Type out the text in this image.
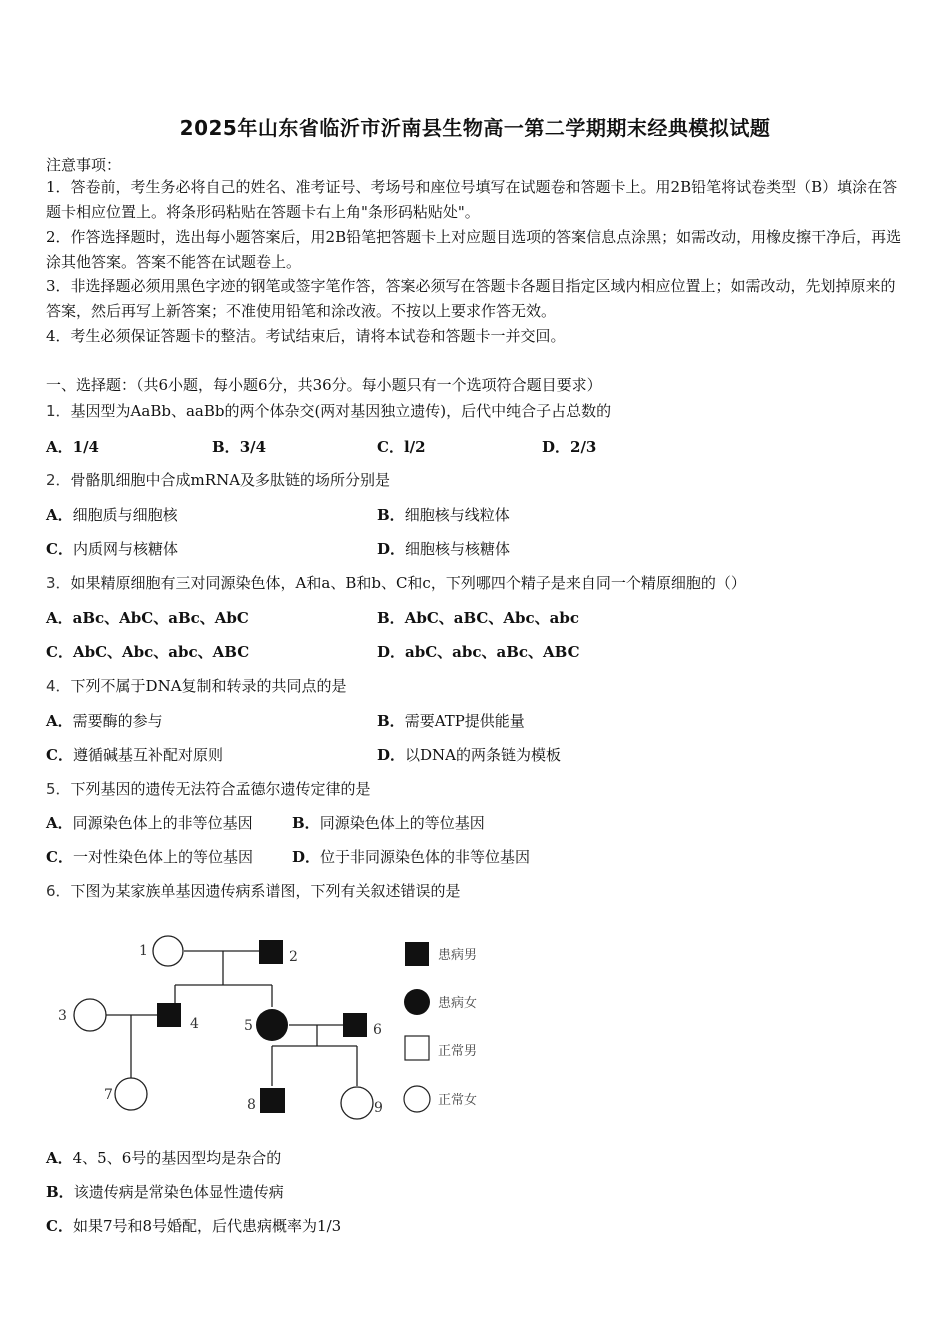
2025年山东省临沂市沂南县生物高一第二学期期末经典模拟试题
注意事项：
1．答卷前，考生务必将自己的姓名、准考证号、考场号和座位号填写在试题卷和答题卡上。用2B铅笔将试卷类型（B）填涂在答题卡相应位置上。将条形码粘贴在答题卡右上角"条形码粘贴处"。
2．作答选择题时，选出每小题答案后，用2B铅笔把答题卡上对应题目选项的答案信息点涂黑；如需改动，用橡皮擦干净后，再选涂其他答案。答案不能答在试题卷上。
3．非选择题必须用黑色字迹的钢笔或签字笔作答，答案必须写在答题卡各题目指定区域内相应位置上；如需改动，先划掉原来的答案，然后再写上新答案；不准使用铅笔和涂改液。不按以上要求作答无效。
4．考生必须保证答题卡的整洁。考试结束后，请将本试卷和答题卡一并交回。
一、选择题：（共6小题，每小题6分，共36分。每小题只有一个选项符合题目要求）
1．基因型为AaBb、aaBb的两个体杂交(两对基因独立遗传)，后代中纯合子占总数的
A．1/4	B．3/4	C．l/2	D．2/3
2．骨骼肌细胞中合成mRNA及多肽链的场所分别是
A．细胞质与细胞核	B．细胞核与线粒体
C．内质网与核糖体	D．细胞核与核糖体
3．如果精原细胞有三对同源染色体，A和a、B和b、C和c，下列哪四个精子是来自同一个精原细胞的（）
A．aBc、AbC、aBc、AbC	B．AbC、aBC、Abc、abc
C．AbC、Abc、abc、ABC	D．abC、abc、aBc、ABC
4．下列不属于DNA复制和转录的共同点的是
A．需要酶的参与	B．需要ATP提供能量
C．遵循碱基互补配对原则	D．以DNA的两条链为模板
5．下列基因的遗传无法符合孟德尔遗传定律的是
A．同源染色体上的非等位基因	B．同源染色体上的等位基因
C．一对性染色体上的等位基因	D．位于非同源染色体的非等位基因
6．下图为某家族单基因遗传病系谱图，下列有关叙述错误的是
1	2
3	4	5	6
7
8	9
患病男
患病女
正常男
正常女
A．4、5、6号的基因型均是杂合的
B．该遗传病是常染色体显性遗传病
C．如果7号和8号婚配，后代患病概率为1/3
